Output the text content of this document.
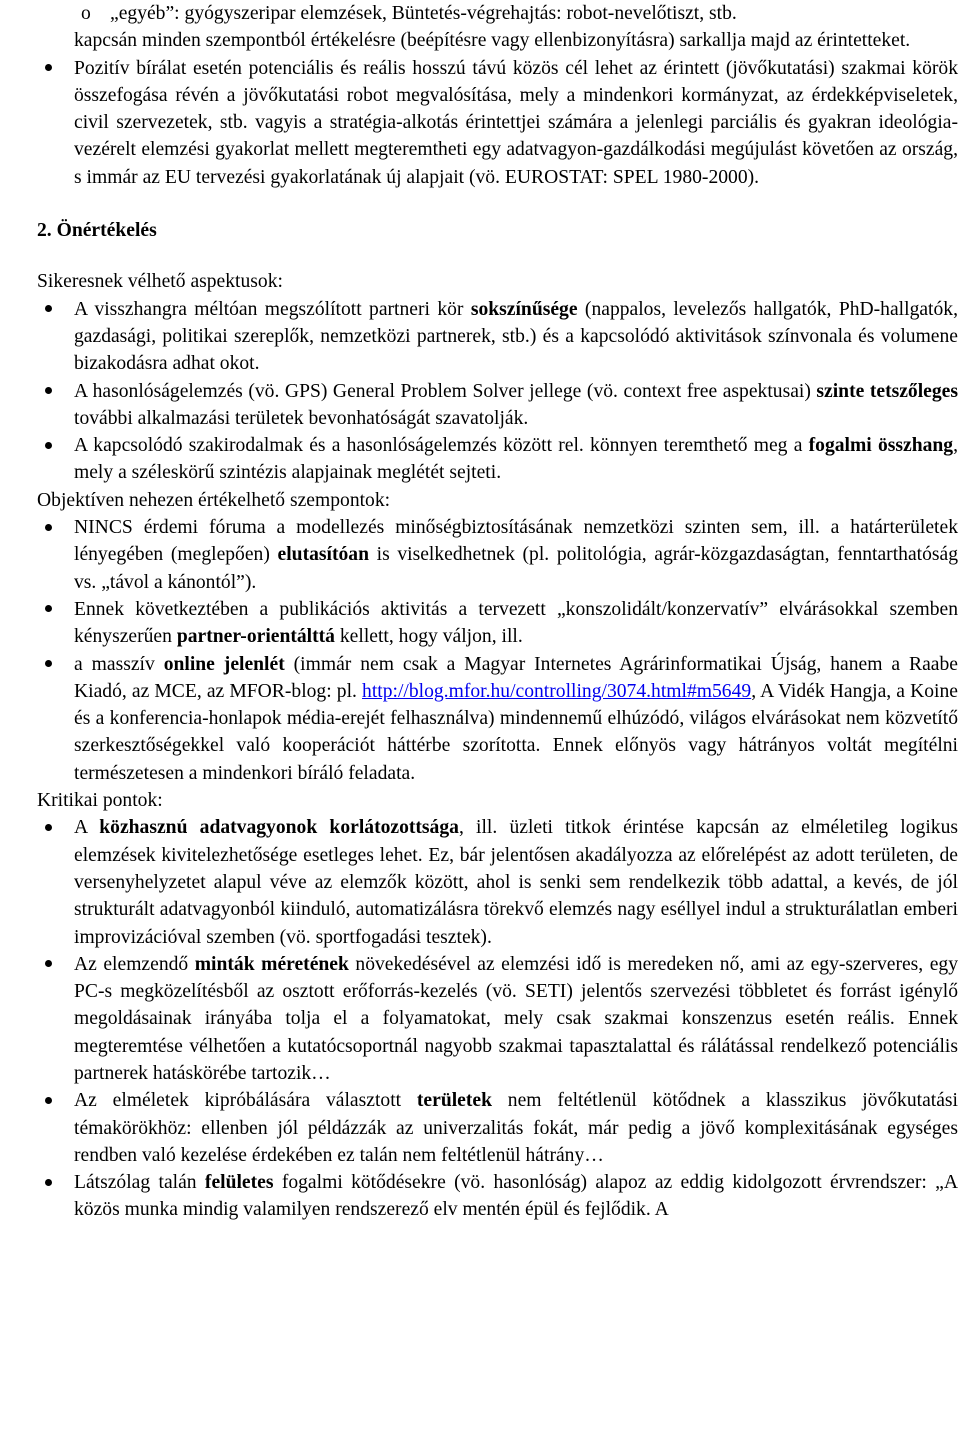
o „egyéb”: gyógyszeripar elemzések, Büntetés-végrehajtás: robot-nevelőtiszt, stb.

kapcsán minden szempontból értékelésre (beépítésre vagy ellenbizonyításra) sarkallja majd az érintetteket.

Pozitív bírálat esetén potenciális és reális hosszú távú közös cél lehet az érintett (jövőkutatási) szakmai körök összefogása révén a jövőkutatási robot megvalósítása, mely a mindenkori kormányzat, az érdekképviseletek, civil szervezetek, stb. vagyis a stratégia-alkotás érintettjei számára a jelenlegi parciális és gyakran ideológia-vezérelt elemzési gyakorlat mellett megteremtheti egy adatvagyon-gazdálkodási megújulást követően az ország, s immár az EU tervezési gyakorlatának új alapjait (vö. EUROSTAT: SPEL 1980-2000).

2. Önértékelés

Sikeresnek vélhető aspektusok:

A visszhangra méltóan megszólított partneri kör sokszínűsége (nappalos, levelezős hallgatók, PhD-hallgatók, gazdasági, politikai szereplők, nemzetközi partnerek, stb.) és a kapcsolódó aktivitások színvonala és volumene bizakodásra adhat okot.

A hasonlóságelemzés (vö. GPS) General Problem Solver jellege (vö. context free aspektusai) szinte tetszőleges további alkalmazási területek bevonhatóságát szavatolják.

A kapcsolódó szakirodalmak és a hasonlóságelemzés között rel. könnyen teremthető meg a fogalmi összhang, mely a széleskörű szintézis alapjainak meglétét sejteti.

Objektíven nehezen értékelhető szempontok:

NINCS érdemi fóruma a modellezés minőségbiztosításának nemzetközi szinten sem, ill. a határterületek lényegében (meglepően) elutasítóan is viselkedhetnek (pl. politológia, agrár-közgazdaságtan, fenntarthatóság vs. „távol a kánontól”).

Ennek következtében a publikációs aktivitás a tervezett „konszolidált/konzervatív” elvárásokkal szemben kényszerűen partner-orientálttá kellett, hogy váljon, ill.

a masszív online jelenlét (immár nem csak a Magyar Internetes Agrárinformatikai Újság, hanem a Raabe Kiadó, az MCE, az MFOR-blog: pl. http://blog.mfor.hu/controlling/3074.html#m5649, A Vidék Hangja, a Koine és a konferencia-honlapok média-erejét felhasználva) mindennemű elhúzódó, világos elvárásokat nem közvetítő szerkesztőségekkel való kooperációt háttérbe szorította. Ennek előnyös vagy hátrányos voltát megítélni természetesen a mindenkori bíráló feladata.

Kritikai pontok:

A közhasznú adatvagyonok korlátozottsága, ill. üzleti titkok érintése kapcsán az elméletileg logikus elemzések kivitelezhetősége esetleges lehet. Ez, bár jelentősen akadályozza az előrelépést az adott területen, de versenyhelyzetet alapul véve az elemzők között, ahol is senki sem rendelkezik több adattal, a kevés, de jól strukturált adatvagyonból kiinduló, automatizálásra törekvő elemzés nagy eséllyel indul a strukturálatlan emberi improvizációval szemben (vö. sportfogadási tesztek).

Az elemzendő minták méretének növekedésével az elemzési idő is meredeken nő, ami az egy-szerveres, egy PC-s megközelítésből az osztott erőforrás-kezelés (vö. SETI) jelentős szervezési többletet és forrást igénylő megoldásainak irányába tolja el a folyamatokat, mely csak szakmai konszenzus esetén reális. Ennek megteremtése vélhetően a kutatócsoportnál nagyobb szakmai tapasztalattal és rálátással rendelkező potenciális partnerek hatáskörébe tartozik…

Az elméletek kipróbálására választott területek nem feltétlenül kötődnek a klasszikus jövőkutatási témakörökhöz: ellenben jól példázzák az univerzalitás fokát, már pedig a jövő komplexitásának egységes rendben való kezelése érdekében ez talán nem feltétlenül hátrány…

Látszólag talán felületes fogalmi kötődésekre (vö. hasonlóság) alapoz az eddig kidolgozott érvrendszer: „A közös munka mindig valamilyen rendszerező elv mentén épül és fejlődik. A
